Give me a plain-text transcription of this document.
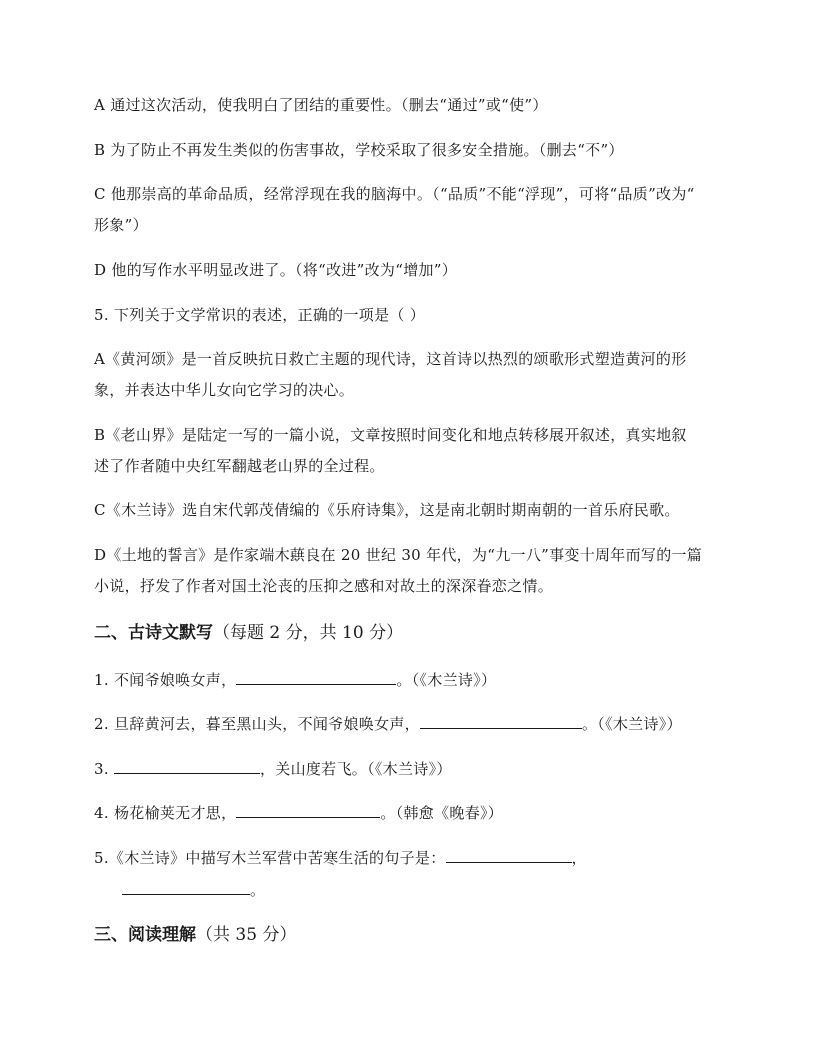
A 通过这次活动，使我明白了团结的重要性。（删去“通过”或“使”）
B 为了防止不再发生类似的伤害事故，学校采取了很多安全措施。（删去“不”）
C 他那崇高的革命品质，经常浮现在我的脑海中。（“品质”不能“浮现”，可将“品质”改为“
形象”）
D 他的写作水平明显改进了。（将“改进”改为“增加”）
5. 下列关于文学常识的表述，正确的一项是（ ）
A《黄河颂》是一首反映抗日救亡主题的现代诗，这首诗以热烈的颂歌形式塑造黄河的形
象，并表达中华儿女向它学习的决心。
B《老山界》是陆定一写的一篇小说，文章按照时间变化和地点转移展开叙述，真实地叙
述了作者随中央红军翻越老山界的全过程。
C《木兰诗》选自宋代郭茂倩编的《乐府诗集》，这是南北朝时期南朝的一首乐府民歌。
D《土地的誓言》是作家端木蕻良在 20 世纪 30 年代，为“九一八”事变十周年而写的一篇
小说，抒发了作者对国土沦丧的压抑之感和对故土的深深眷恋之情。
二、古诗文默写（每题 2 分，共 10 分）
1. 不闻爷娘唤女声，	。（《木兰诗》）
2. 旦辞黄河去，暮至黑山头，不闻爷娘唤女声，	。（《木兰诗》）
3.	，关山度若飞。（《木兰诗》）
4. 杨花榆荚无才思，	。（韩愈《晚春》）
5.《木兰诗》中描写木兰军营中苦寒生活的句子是：	，
。
三、阅读理解（共 35 分）
